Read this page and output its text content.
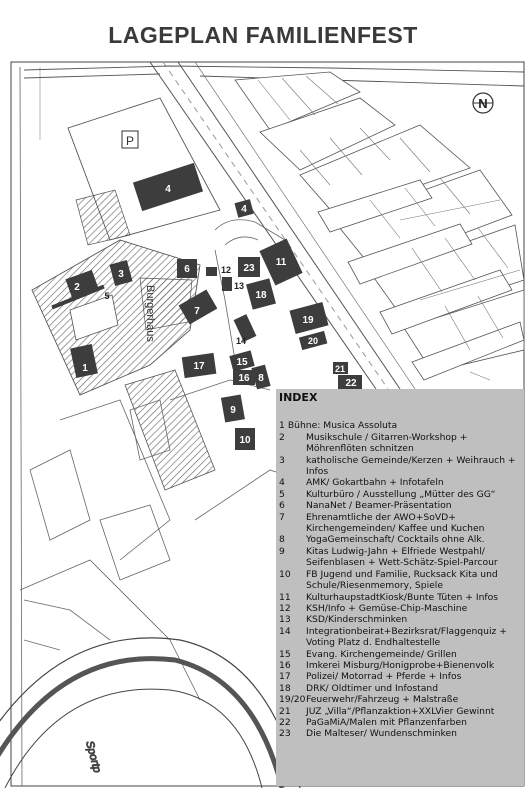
N
P
Burgerhaus
Sportp
1
2
3
4
4
5
6
7
8
9
10
11
12
13
14
15
16
17
18
19
20
21
22
23
LAGEPLAN FAMILIENFEST
INDEX
1 Bühne: Musica Assoluta
2	Musikschule / Gitarren-Workshop + Möhrenflöten schnitzen
3	katholische Gemeinde/Kerzen + Weihrauch + Infos
4	AMK/ Gokartbahn + Infotafeln
5	Kulturbüro / Ausstellung „Mütter des GG“
6	NanaNet / Beamer-Präsentation
7	Ehrenamtliche der AWO+SoVD+ Kirchengemeinden/ Kaffee und Kuchen
8	YogaGemeinschaft/ Cocktails ohne Alk.
9	Kitas Ludwig-Jahn + Elfriede Westpahl/ Seifenblasen + Wett-Schätz-Spiel-Parcour
10	FB Jugend und Familie, Rucksack Kita und Schule/Riesenmemory, Spiele
11	KulturhaupstadtKiosk/Bunte Tüten + Infos
12	KSH/Info + Gemüse-Chip-Maschine
13	KSD/Kinderschminken
14	Integrationbeirat+Bezirksrat/Flaggenquiz + Voting Platz d. Endhaltestelle
15	Evang. Kirchengemeinde/ Grillen
16	Imkerei Misburg/Honigprobe+Bienenvolk
17	Polizei/ Motorrad + Pferde + Infos
18	DRK/ Oldtimer und Infostand
19/20 Feuerwehr/Fahrzeug + Malstraße
21	JUZ „Villa“/Pflanzaktion+XXLVier Gewinnt
22	PaGaMiA/Malen mit Pflanzenfarben
23	Die Malteser/ Wundenschminken
